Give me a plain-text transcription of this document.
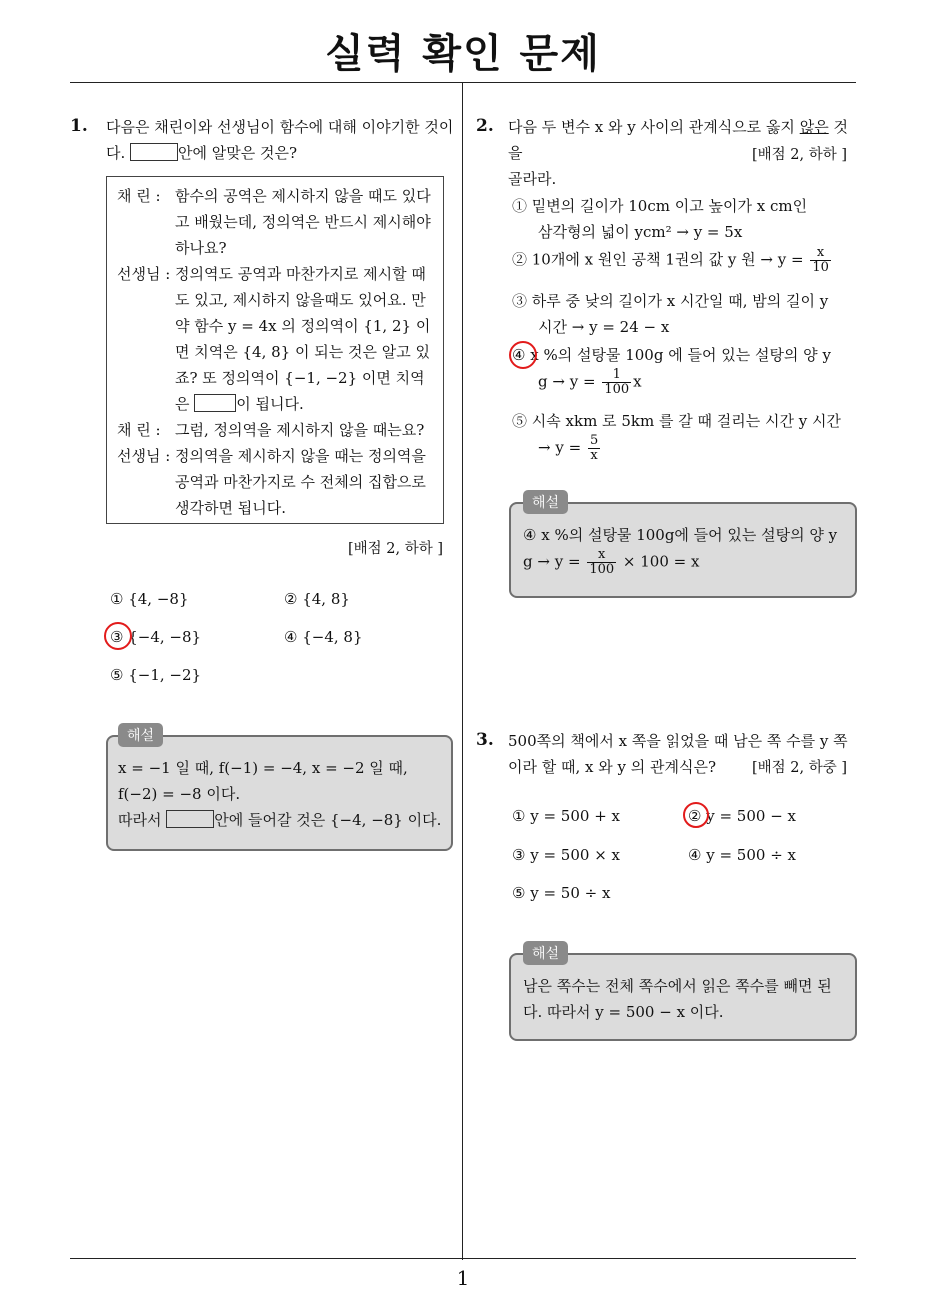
실력 확인 문제
1
1. 다음은 채린이와 선생님이 함수에 대해 이야기한 것이
다.	안에 알맞은 것은?
채 린 : 함수의 공역은 제시하지 않을 때도 있다고 배웠는데, 정의역은 반드시 제시해야 하나요?
선생님 : 정의역도 공역과 마찬가지로 제시할 때도 있고, 제시하지 않을때도 있어요. 만약 함수 y = 4x 의 정의역이 {1, 2} 이면 치역은 {4, 8} 이 되는 것은 알고 있죠? 또 정의역이 {−1, −2} 이면 치역은	이 됩니다.
채 린 : 그럼, 정의역을 제시하지 않을 때는요?
선생님 : 정의역을 제시하지 않을 때는 정의역을 공역과 마찬가지로 수 전체의 집합으로 생각하면 됩니다.
[배점 2, 하하 ]
① {4, −8}	② {4, 8}
③ {−4, −8}	④ {−4, 8}
⑤ {−1, −2}
x = −1 일 때, f(−1) = −4, x = −2 일 때,
f(−2) = −8 이다.
따라서	안에 들어갈 것은 {−4, −8} 이다.
해설
2. 다음 두 변수 x 와 y 사이의 관계식으로 옳지 않은 것을
골라라.
[배점 2, 하하 ]
① 밑변의 길이가 10cm 이고 높이가 x cm인
삼각형의 넓이 ycm² → y = 5x
② 10개에 x 원인 공책 1권의 값 y 원 → $y = \frac{x}{10}$
③ 하루 중 낮의 길이가 x 시간일 때, 밤의 길이 y
시간 → y = 24 − x
④ x %의 설탕물 100g 에 들어 있는 설탕의 양 y
$g \to y = \frac{1}{100}$ x
⑤ 시속 xkm 로 5km 를 갈 때 걸리는 시간 y 시간
→ $y = \frac{5}{x}$
④ x %의 설탕물 100g에 들어 있는 설탕의 양 y
$g \to y = \frac{x}{100} \times 100 = x$
해설
3. 500쪽의 책에서 x 쪽을 읽었을 때 남은 쪽 수를 y 쪽
이라 할 때, x 와 y 의 관계식은?	[배점 2, 하중 ]
① y = 500 + x	② y = 500 − x
③ y = 500 × x	④ y = 500 ÷ x
⑤ y = 50 ÷ x
남은 쪽수는 전체 쪽수에서 읽은 쪽수를 빼면 된
다. 따라서 y = 500 − x 이다.
해설
